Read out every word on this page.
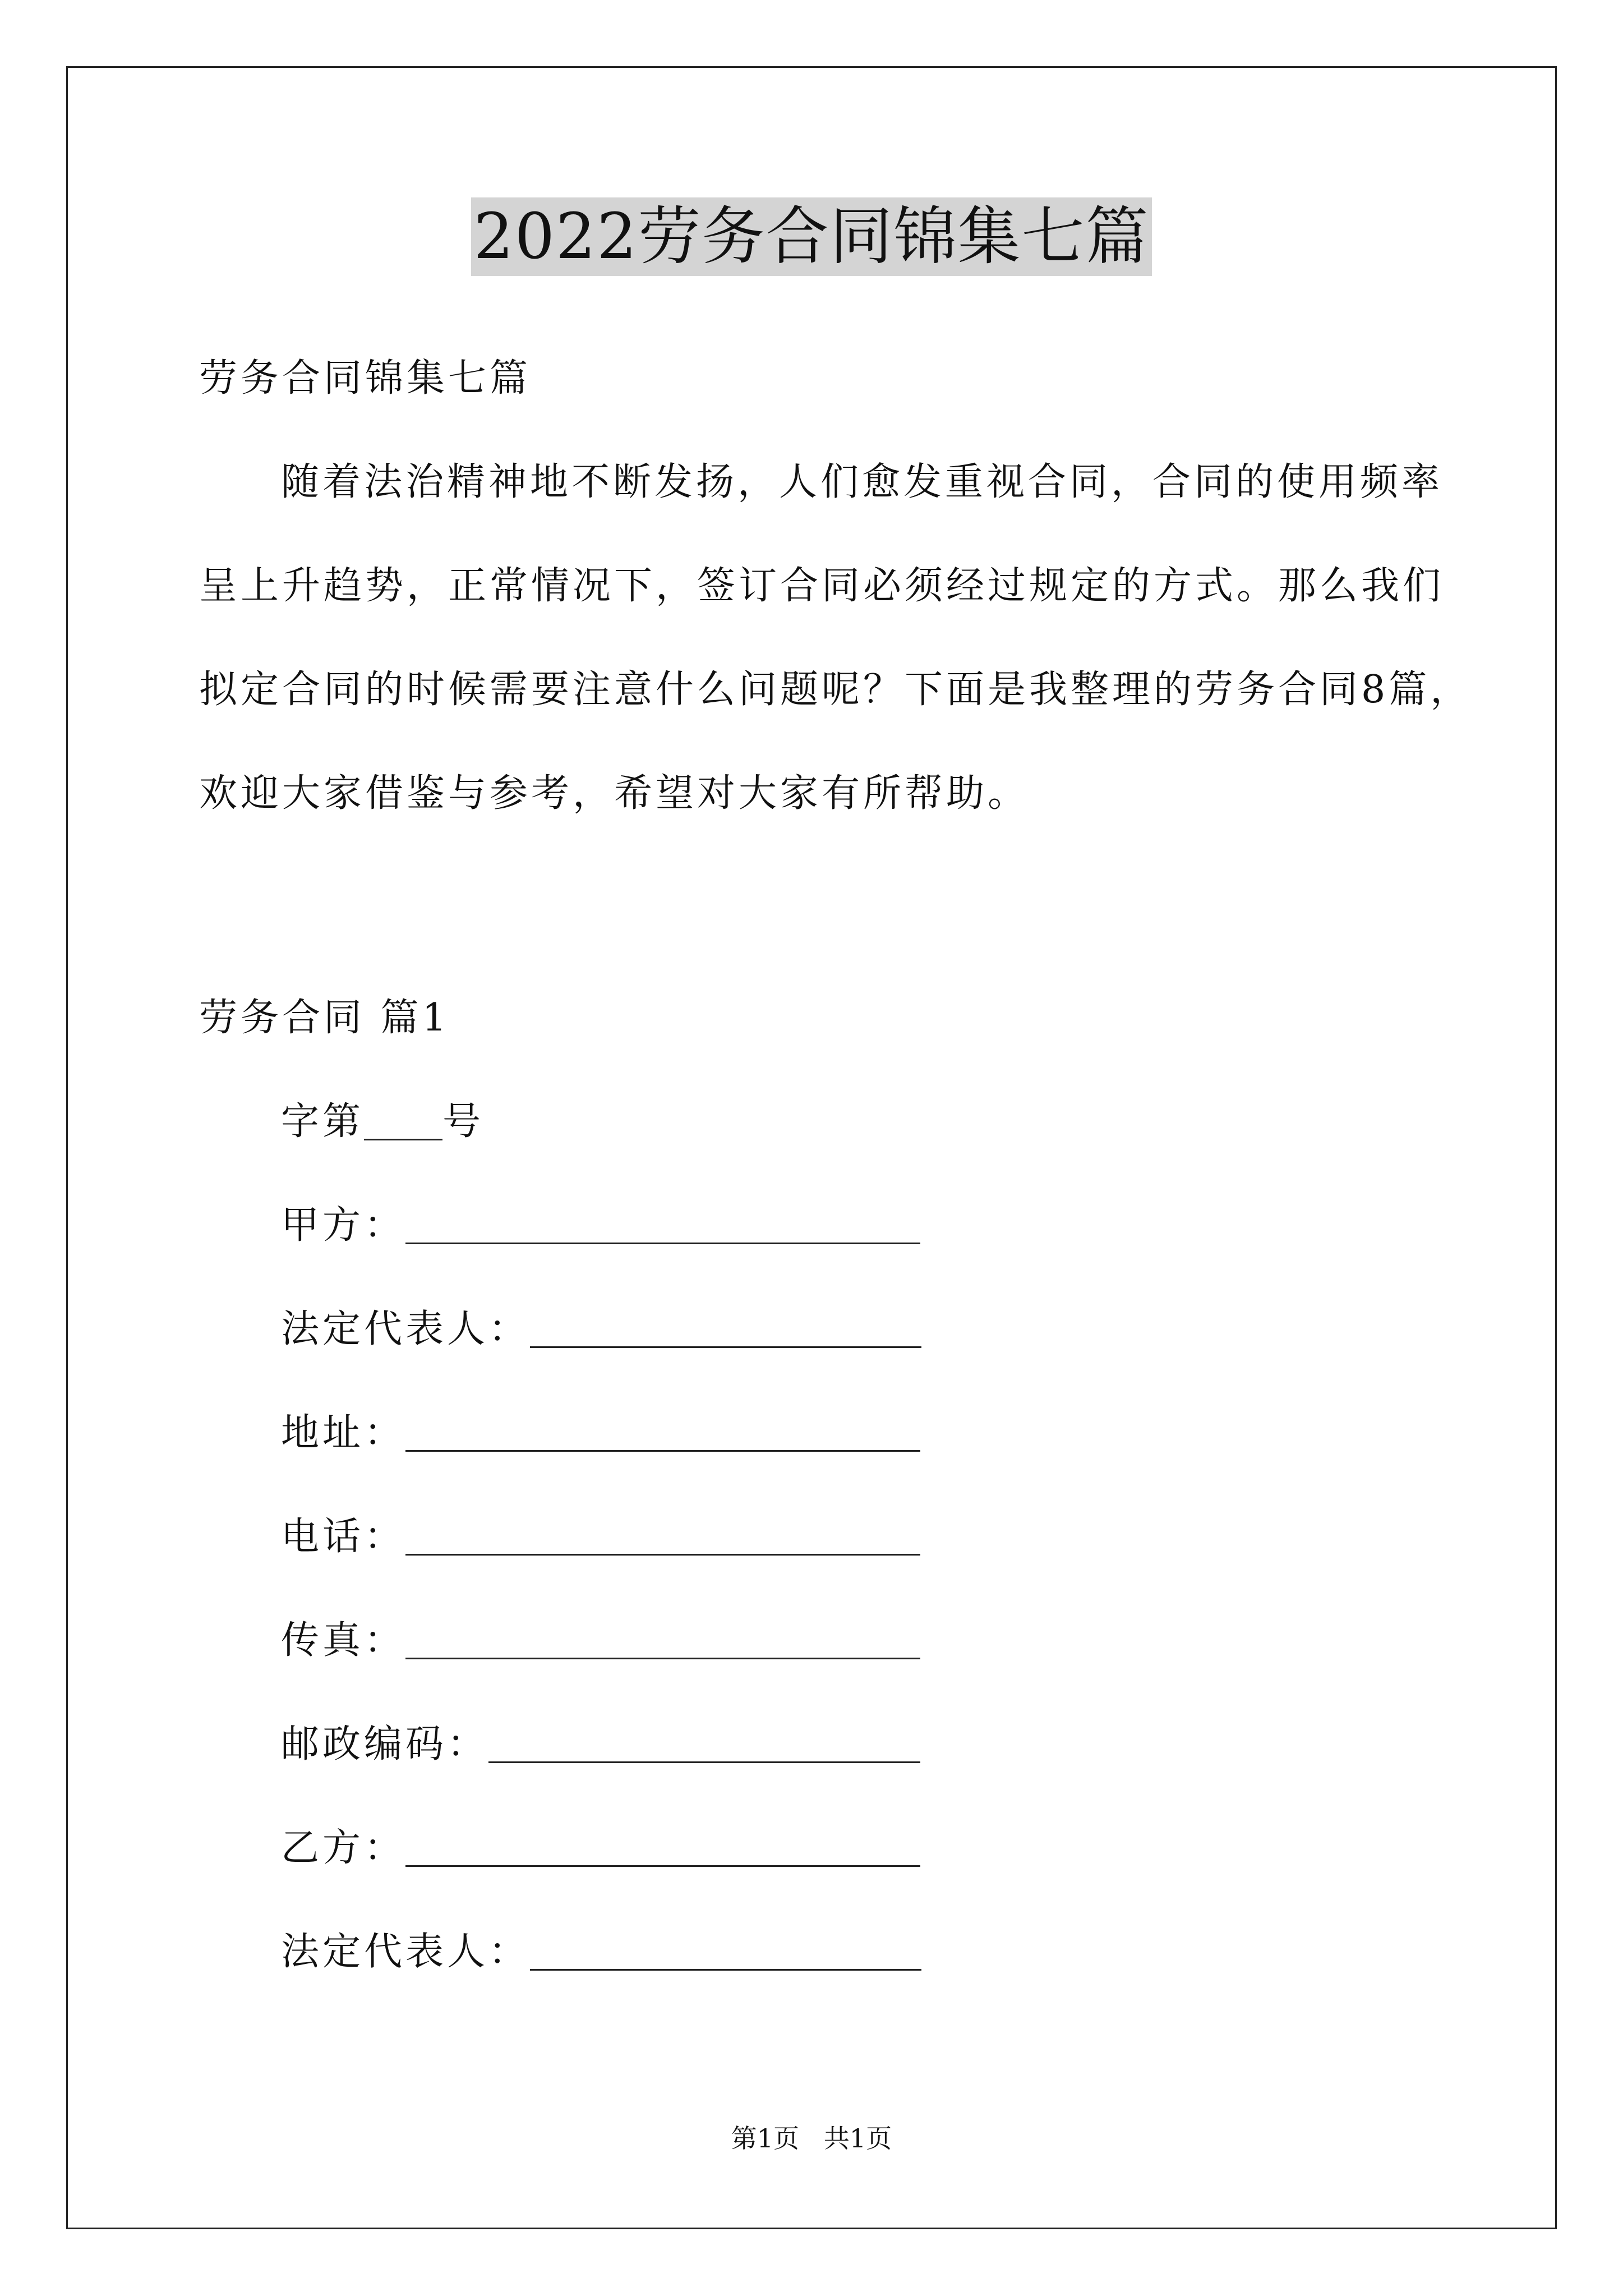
2022劳务合同锦集七篇
劳务合同锦集七篇
随着法治精神地不断发扬，人们愈发重视合同，合同的使用频率
呈上升趋势，正常情况下，签订合同必须经过规定的方式。那么我们
拟定合同的时候需要注意什么问题呢？下面是我整理的劳务合同8篇，
欢迎大家借鉴与参考，希望对大家有所帮助。
劳务合同 篇1
字第 号
甲方：
法定代表人：
地址：
电话：
传真：
邮政编码：
乙方：
法定代表人：
第1页   共1页
